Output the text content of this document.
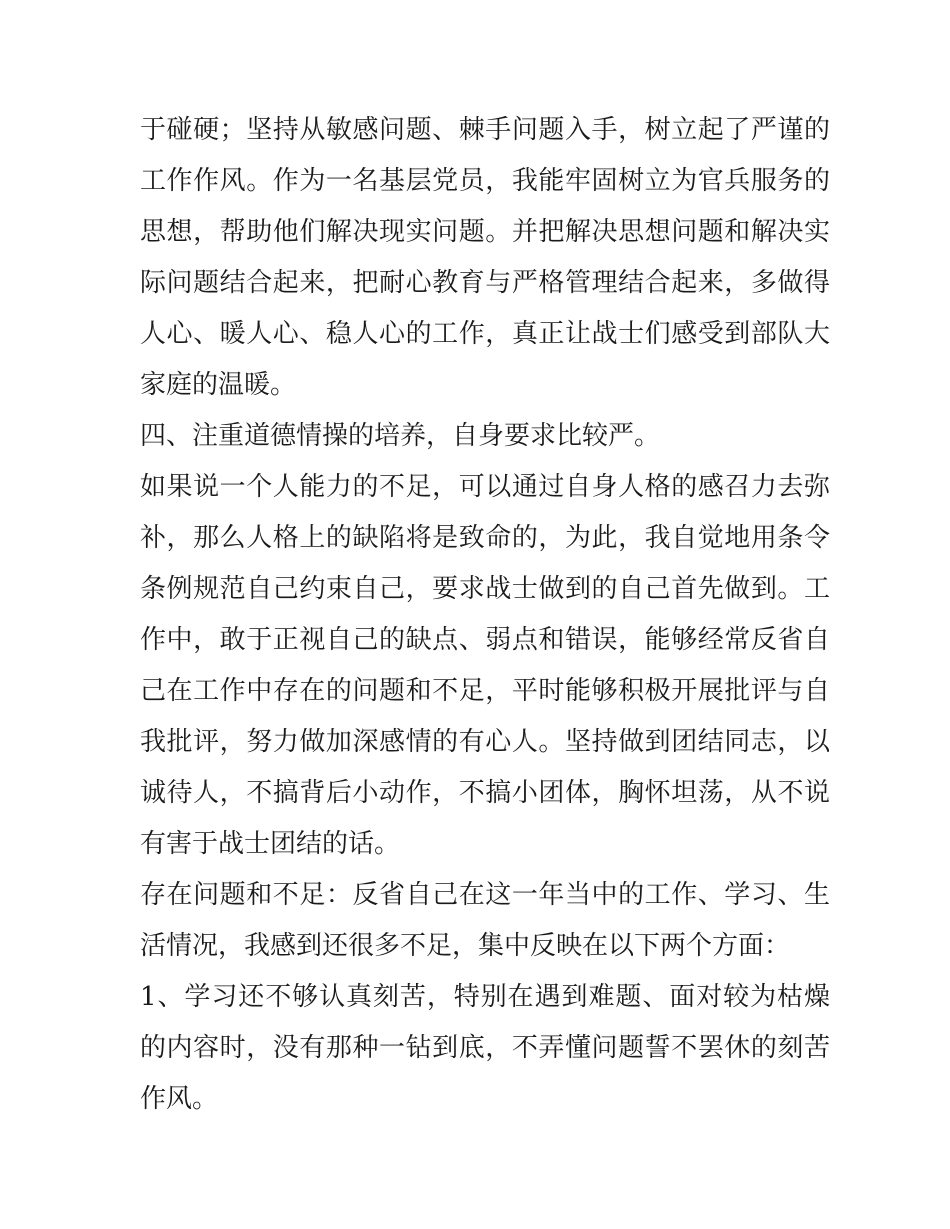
于碰硬；坚持从敏感问题、棘手问题入手，树立起了严谨的工作作风。作为一名基层党员，我能牢固树立为官兵服务的思想，帮助他们解决现实问题。并把解决思想问题和解决实际问题结合起来，把耐心教育与严格管理结合起来，多做得人心、暖人心、稳人心的工作，真正让战士们感受到部队大家庭的温暖。

四、注重道德情操的培养，自身要求比较严。

如果说一个人能力的不足，可以通过自身人格的感召力去弥补，那么人格上的缺陷将是致命的，为此，我自觉地用条令条例规范自己约束自己，要求战士做到的自己首先做到。工作中，敢于正视自己的缺点、弱点和错误，能够经常反省自己在工作中存在的问题和不足，平时能够积极开展批评与自我批评，努力做加深感情的有心人。坚持做到团结同志，以诚待人，不搞背后小动作，不搞小团体，胸怀坦荡，从不说有害于战士团结的话。

存在问题和不足：反省自己在这一年当中的工作、学习、生活情况，我感到还很多不足，集中反映在以下两个方面：

1、学习还不够认真刻苦，特别在遇到难题、面对较为枯燥的内容时，没有那种一钻到底，不弄懂问题誓不罢休的刻苦作风。
